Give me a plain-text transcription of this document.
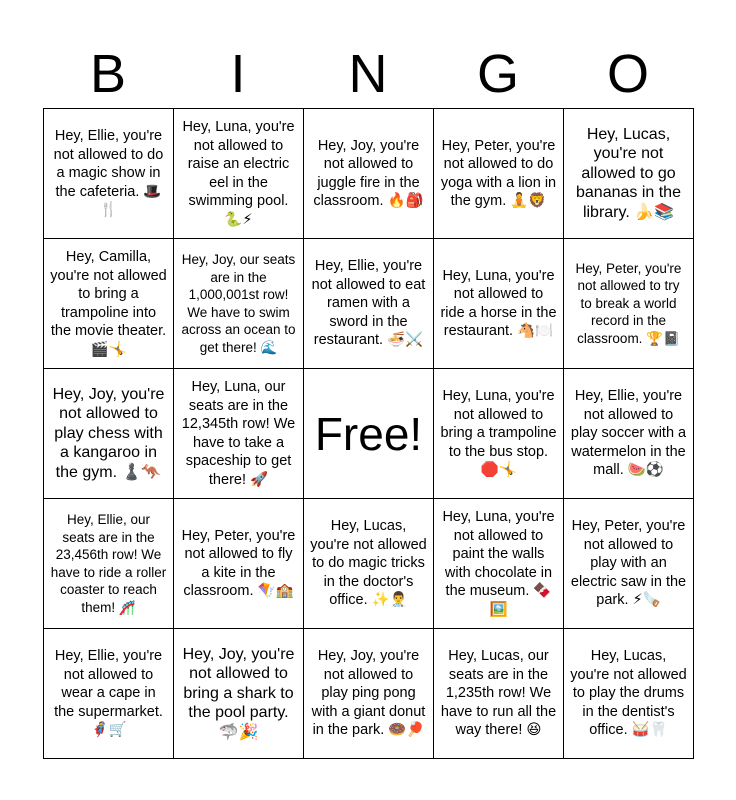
B	I	N	G	O
Hey, Ellie, you're not allowed to do a magic show in the cafeteria. 🎩🍴	Hey, Luna, you're not allowed to raise an electric eel in the swimming pool. 🐍⚡	Hey, Joy, you're not allowed to juggle fire in the classroom. 🔥🎒	Hey, Peter, you're not allowed to do yoga with a lion in the gym. 🧘🦁	Hey, Lucas, you're not allowed to go bananas in the library. 🍌📚
Hey, Camilla, you're not allowed to bring a trampoline into the movie theater. 🎬🤸	Hey, Joy, our seats are in the 1,000,001st row! We have to swim across an ocean to get there! 🌊	Hey, Ellie, you're not allowed to eat ramen with a sword in the restaurant. 🍜⚔️	Hey, Luna, you're not allowed to ride a horse in the restaurant. 🐴🍽️	Hey, Peter, you're not allowed to try to break a world record in the classroom. 🏆📓
Hey, Joy, you're not allowed to play chess with a kangaroo in the gym. ♟️🦘	Hey, Luna, our seats are in the 12,345th row! We have to take a spaceship to get there! 🚀	Free!	Hey, Luna, you're not allowed to bring a trampoline to the bus stop. 🛑🤸	Hey, Ellie, you're not allowed to play soccer with a watermelon in the mall. 🍉⚽
Hey, Ellie, our seats are in the 23,456th row! We have to ride a roller coaster to reach them! 🎢	Hey, Peter, you're not allowed to fly a kite in the classroom. 🪁🏫	Hey, Lucas, you're not allowed to do magic tricks in the doctor's office. ✨👨‍⚕️	Hey, Luna, you're not allowed to paint the walls with chocolate in the museum. 🍫🖼️	Hey, Peter, you're not allowed to play with an electric saw in the park. ⚡🪚
Hey, Ellie, you're not allowed to wear a cape in the supermarket. 🦸🛒	Hey, Joy, you're not allowed to bring a shark to the pool party. 🦈🎉	Hey, Joy, you're not allowed to play ping pong with a giant donut in the park. 🍩🏓	Hey, Lucas, our seats are in the 1,235th row! We have to run all the way there! 😆	Hey, Lucas, you're not allowed to play the drums in the dentist's office. 🥁🦷
